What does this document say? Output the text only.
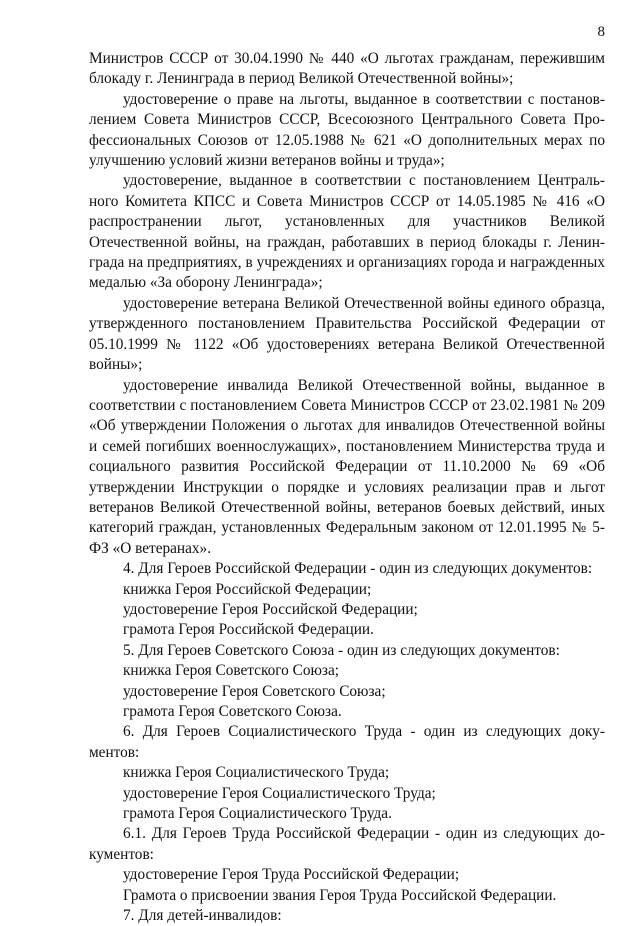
8

Министров СССР от 30.04.1990 № 440 «О льготах гражданам, пережившим блокаду г. Ленинграда в период Великой Отечественной войны»;

удостоверение о праве на льготы, выданное в соответствии с постановлением Совета Министров СССР, Всесоюзного Центрального Совета Профессиональных Союзов от 12.05.1988 № 621 «О дополнительных мерах по улучшению условий жизни ветеранов войны и труда»;

удостоверение, выданное в соответствии с постановлением Центрального Комитета КПСС и Совета Министров СССР от 14.05.1985 № 416 «О распространении льгот, установленных для участников Великой Отечественной войны, на граждан, работавших в период блокады г. Ленинграда на предприятиях, в учреждениях и организациях города и награжденных медалью «За оборону Ленинграда»;

удостоверение ветерана Великой Отечественной войны единого образца, утвержденного постановлением Правительства Российской Федерации от 05.10.1999 № 1122 «Об удостоверениях ветерана Великой Отечественной войны»;

удостоверение инвалида Великой Отечественной войны, выданное в соответствии с постановлением Совета Министров СССР от 23.02.1981 № 209 «Об утверждении Положения о льготах для инвалидов Отечественной войны и семей погибших военнослужащих», постановлением Министерства труда и социального развития Российской Федерации от 11.10.2000 № 69 «Об утверждении Инструкции о порядке и условиях реализации прав и льгот ветеранов Великой Отечественной войны, ветеранов боевых действий, иных категорий граждан, установленных Федеральным законом от 12.01.1995 № 5-ФЗ «О ветеранах».

4. Для Героев Российской Федерации - один из следующих документов:

книжка Героя Российской Федерации;

удостоверение Героя Российской Федерации;

грамота Героя Российской Федерации.

5. Для Героев Советского Союза - один из следующих документов:

книжка Героя Советского Союза;

удостоверение Героя Советского Союза;

грамота Героя Советского Союза.

6. Для Героев Социалистического Труда - один из следующих документов:

книжка Героя Социалистического Труда;

удостоверение Героя Социалистического Труда;

грамота Героя Социалистического Труда.

6.1. Для Героев Труда Российской Федерации - один из следующих документов:

удостоверение Героя Труда Российской Федерации;

Грамота о присвоении звания Героя Труда Российской Федерации.

7. Для детей-инвалидов:
